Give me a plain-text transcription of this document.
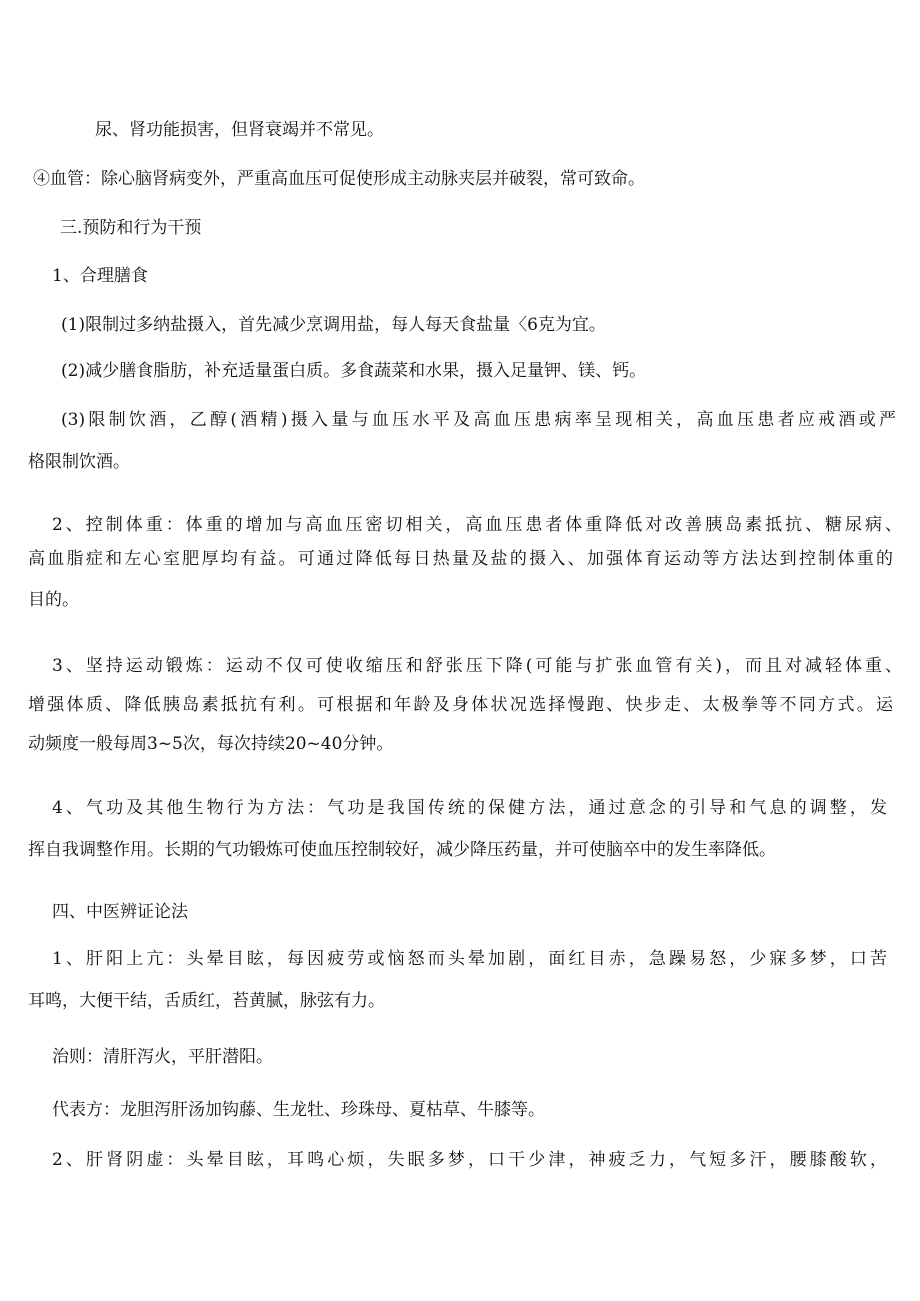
尿、肾功能损害，但肾衰竭并不常见。

④血管：除心脑肾病变外，严重高血压可促使形成主动脉夹层并破裂，常可致命。

三.预防和行为干预

1、合理膳食

(1)限制过多纳盐摄入，首先减少烹调用盐，每人每天食盐量〈6克为宜。

(2)减少膳食脂肪，补充适量蛋白质。多食蔬菜和水果，摄入足量钾、镁、钙。

(3)限制饮酒，乙醇(酒精)摄入量与血压水平及高血压患病率呈现相关，高血压患者应戒酒或严

格限制饮酒。

2、控制体重：体重的增加与高血压密切相关，高血压患者体重降低对改善胰岛素抵抗、糖尿病、

高血脂症和左心室肥厚均有益。可通过降低每日热量及盐的摄入、加强体育运动等方法达到控制体重的

目的。

3、坚持运动锻炼：运动不仅可使收缩压和舒张压下降(可能与扩张血管有关)，而且对减轻体重、

增强体质、降低胰岛素抵抗有利。可根据和年龄及身体状况选择慢跑、快步走、太极拳等不同方式。运

动频度一般每周3~5次，每次持续20~40分钟。

4、气功及其他生物行为方法：气功是我国传统的保健方法，通过意念的引导和气息的调整，发

挥自我调整作用。长期的气功锻炼可使血压控制较好，减少降压药量，并可使脑卒中的发生率降低。

四、中医辨证论法

1、肝阳上亢：头晕目眩，每因疲劳或恼怒而头晕加剧，面红目赤，急躁易怒，少寐多梦，口苦

耳鸣，大便干结，舌质红，苔黄腻，脉弦有力。

治则：清肝泻火，平肝潜阳。

代表方：龙胆泻肝汤加钩藤、生龙牡、珍珠母、夏枯草、牛膝等。

2、肝肾阴虚：头晕目眩，耳鸣心烦，失眠多梦，口干少津，神疲乏力，气短多汗，腰膝酸软，
